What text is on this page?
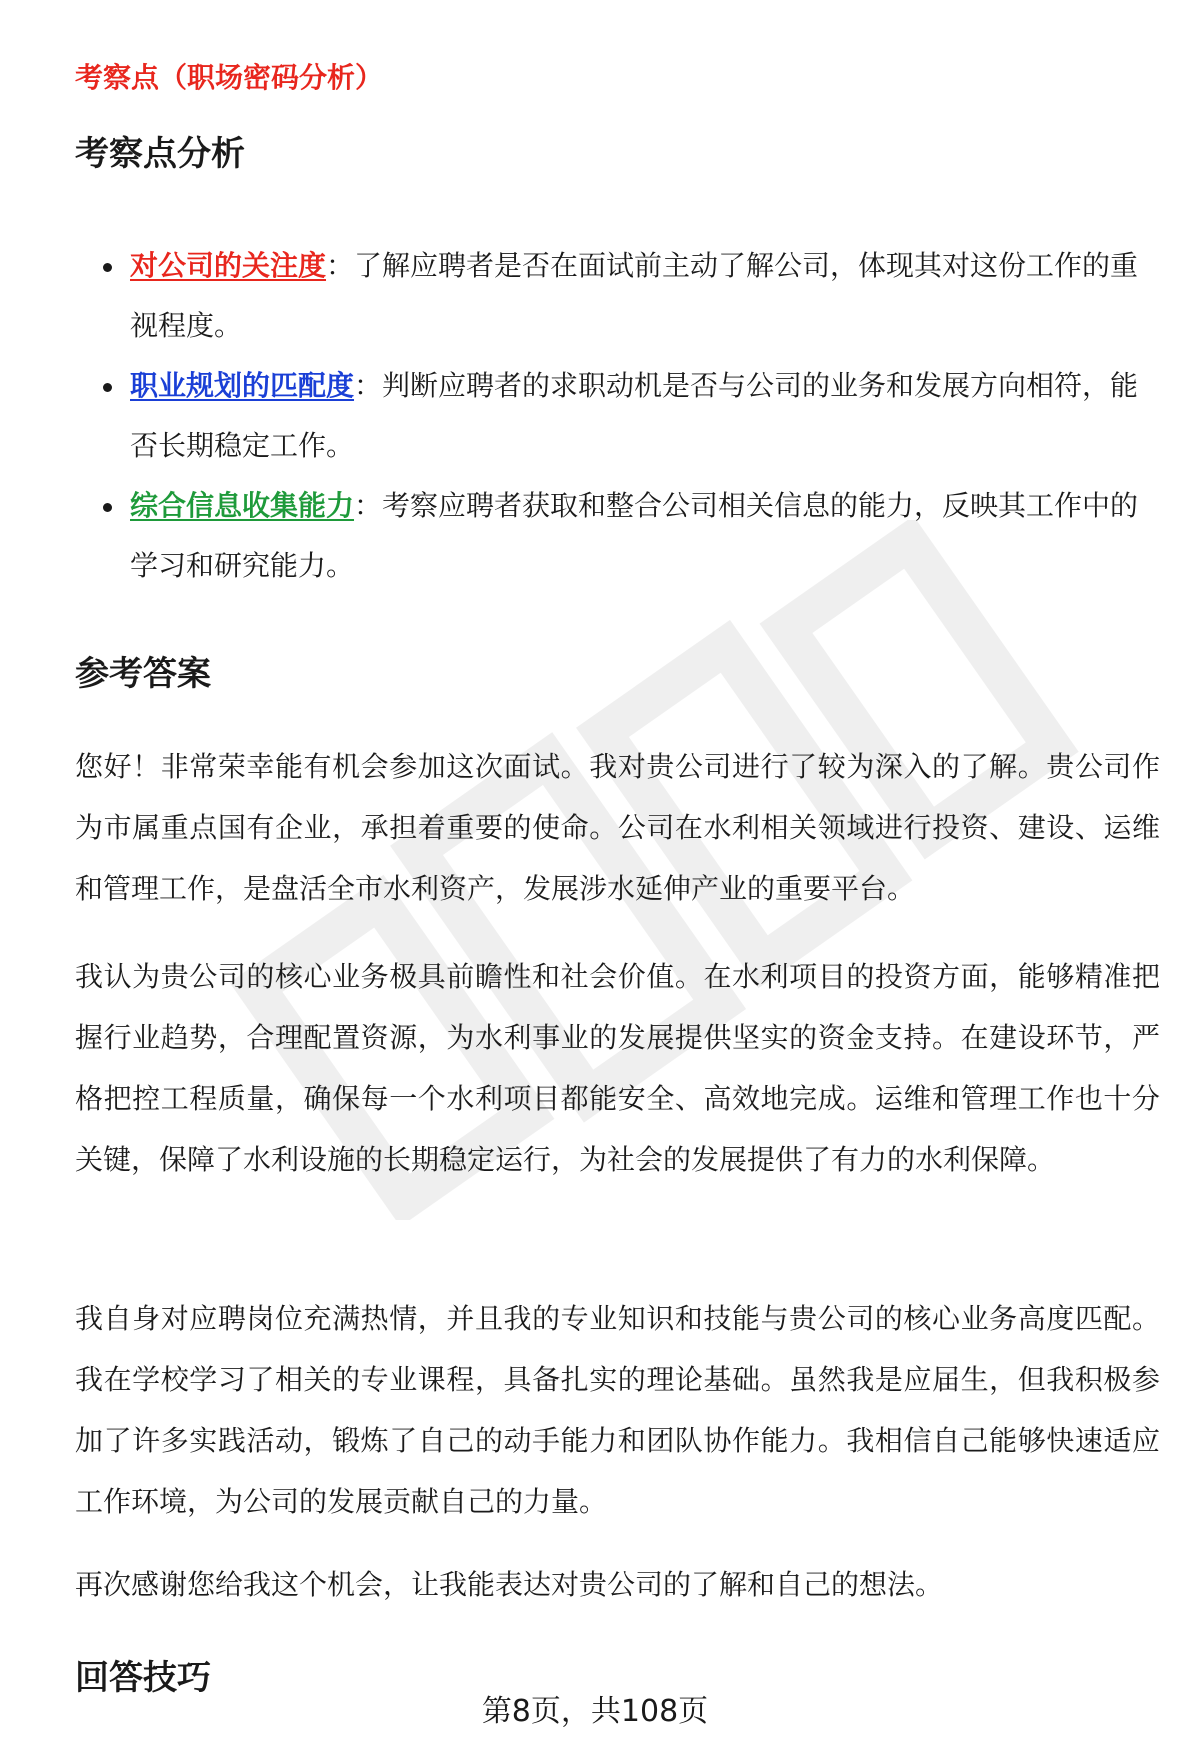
考察点（职场密码分析）
考察点分析
对公司的关注度：了解应聘者是否在面试前主动了解公司，体现其对这份工作的重视程度。
职业规划的匹配度：判断应聘者的求职动机是否与公司的业务和发展方向相符，能否长期稳定工作。
综合信息收集能力：考察应聘者获取和整合公司相关信息的能力，反映其工作中的学习和研究能力。
参考答案

您好！非常荣幸能有机会参加这次面试。我对贵公司进行了较为深入的了解。贵公司作为市属重点国有企业，承担着重要的使命。公司在水利相关领域进行投资、建设、运维和管理工作，是盘活全市水利资产，发展涉水延伸产业的重要平台。

我认为贵公司的核心业务极具前瞻性和社会价值。在水利项目的投资方面，能够精准把握行业趋势，合理配置资源，为水利事业的发展提供坚实的资金支持。在建设环节，严格把控工程质量，确保每一个水利项目都能安全、高效地完成。运维和管理工作也十分关键，保障了水利设施的长期稳定运行，为社会的发展提供了有力的水利保障。

我自身对应聘岗位充满热情，并且我的专业知识和技能与贵公司的核心业务高度匹配。我在学校学习了相关的专业课程，具备扎实的理论基础。虽然我是应届生，但我积极参加了许多实践活动，锻炼了自己的动手能力和团队协作能力。我相信自己能够快速适应工作环境，为公司的发展贡献自己的力量。

再次感谢您给我这个机会，让我能表达对贵公司的了解和自己的想法。

回答技巧
第8页，共108页
